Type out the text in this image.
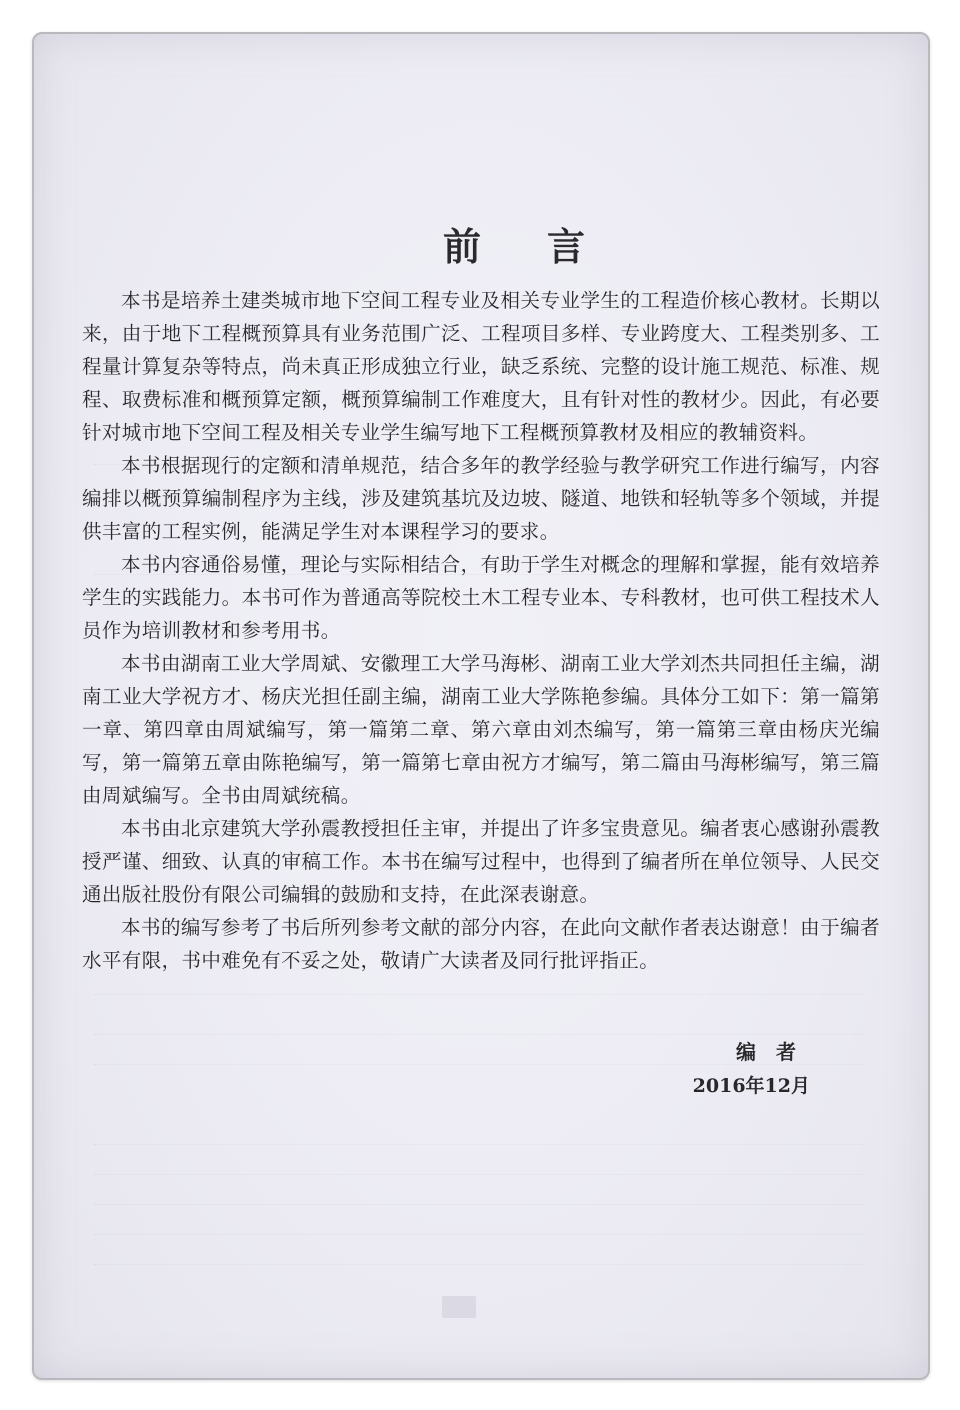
前言

本书是培养土建类城市地下空间工程专业及相关专业学生的工程造价核心教材。长期以来，由于地下工程概预算具有业务范围广泛、工程项目多样、专业跨度大、工程类别多、工程量计算复杂等特点，尚未真正形成独立行业，缺乏系统、完整的设计施工规范、标准、规程、取费标准和概预算定额，概预算编制工作难度大，且有针对性的教材少。因此，有必要针对城市地下空间工程及相关专业学生编写地下工程概预算教材及相应的教辅资料。

本书根据现行的定额和清单规范，结合多年的教学经验与教学研究工作进行编写，内容编排以概预算编制程序为主线，涉及建筑基坑及边坡、隧道、地铁和轻轨等多个领域，并提供丰富的工程实例，能满足学生对本课程学习的要求。

本书内容通俗易懂，理论与实际相结合，有助于学生对概念的理解和掌握，能有效培养学生的实践能力。本书可作为普通高等院校土木工程专业本、专科教材，也可供工程技术人员作为培训教材和参考用书。

本书由湖南工业大学周斌、安徽理工大学马海彬、湖南工业大学刘杰共同担任主编，湖南工业大学祝方才、杨庆光担任副主编，湖南工业大学陈艳参编。具体分工如下：第一篇第一章、第四章由周斌编写，第一篇第二章、第六章由刘杰编写，第一篇第三章由杨庆光编写，第一篇第五章由陈艳编写，第一篇第七章由祝方才编写，第二篇由马海彬编写，第三篇由周斌编写。全书由周斌统稿。

本书由北京建筑大学孙震教授担任主审，并提出了许多宝贵意见。编者衷心感谢孙震教授严谨、细致、认真的审稿工作。本书在编写过程中，也得到了编者所在单位领导、人民交通出版社股份有限公司编辑的鼓励和支持，在此深表谢意。

本书的编写参考了书后所列参考文献的部分内容，在此向文献作者表达谢意！由于编者水平有限，书中难免有不妥之处，敬请广大读者及同行批评指正。

编者
2016年12月
